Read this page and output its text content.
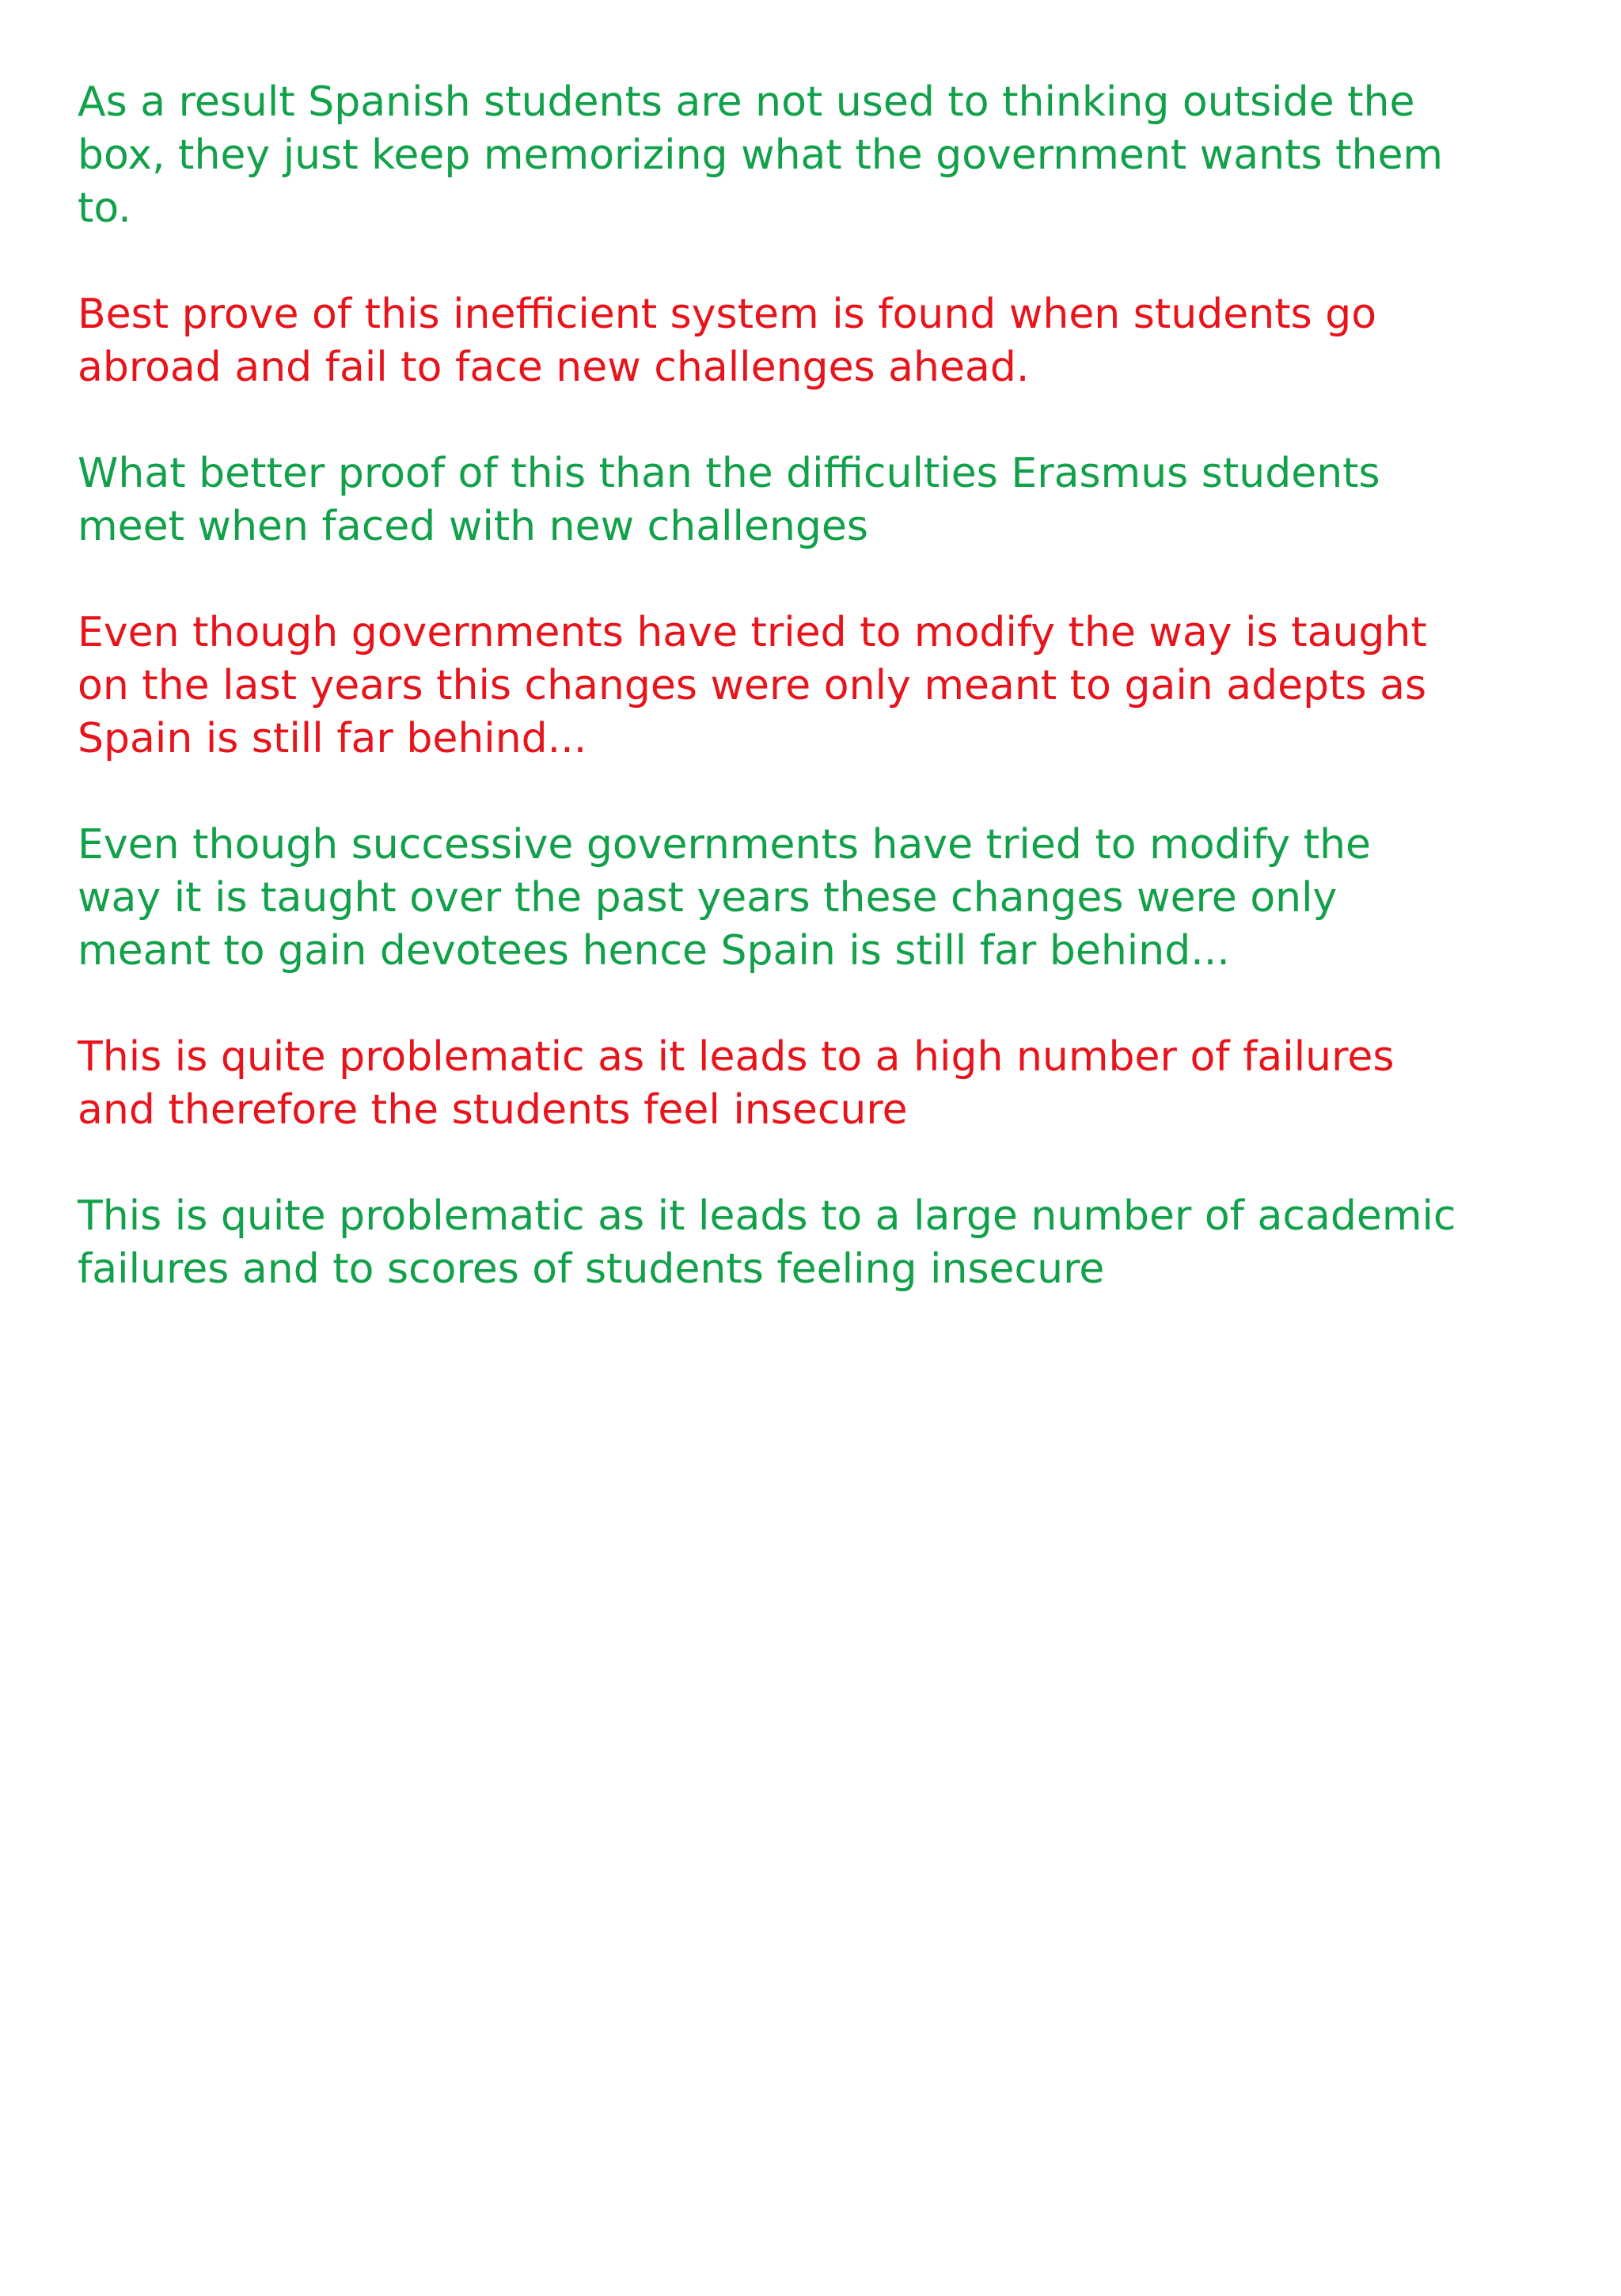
As a result Spanish students are not used to thinking outside the
box, they just keep memorizing what the government wants them
to.

Best prove of this inefficient system is found when students go
abroad and fail to face new challenges ahead.

What better proof of this than the difficulties Erasmus students
meet when faced with new challenges

Even though governments have tried to modify the way is taught
on the last years this changes were only meant to gain adepts as
Spain is still far behind...

Even though successive governments have tried to modify the
way it is taught over the past years these changes were only
meant to gain devotees hence Spain is still far behind...

This is quite problematic as it leads to a high number of failures
and therefore the students feel insecure

This is quite problematic as it leads to a large number of academic
failures and to scores of students feeling insecure
